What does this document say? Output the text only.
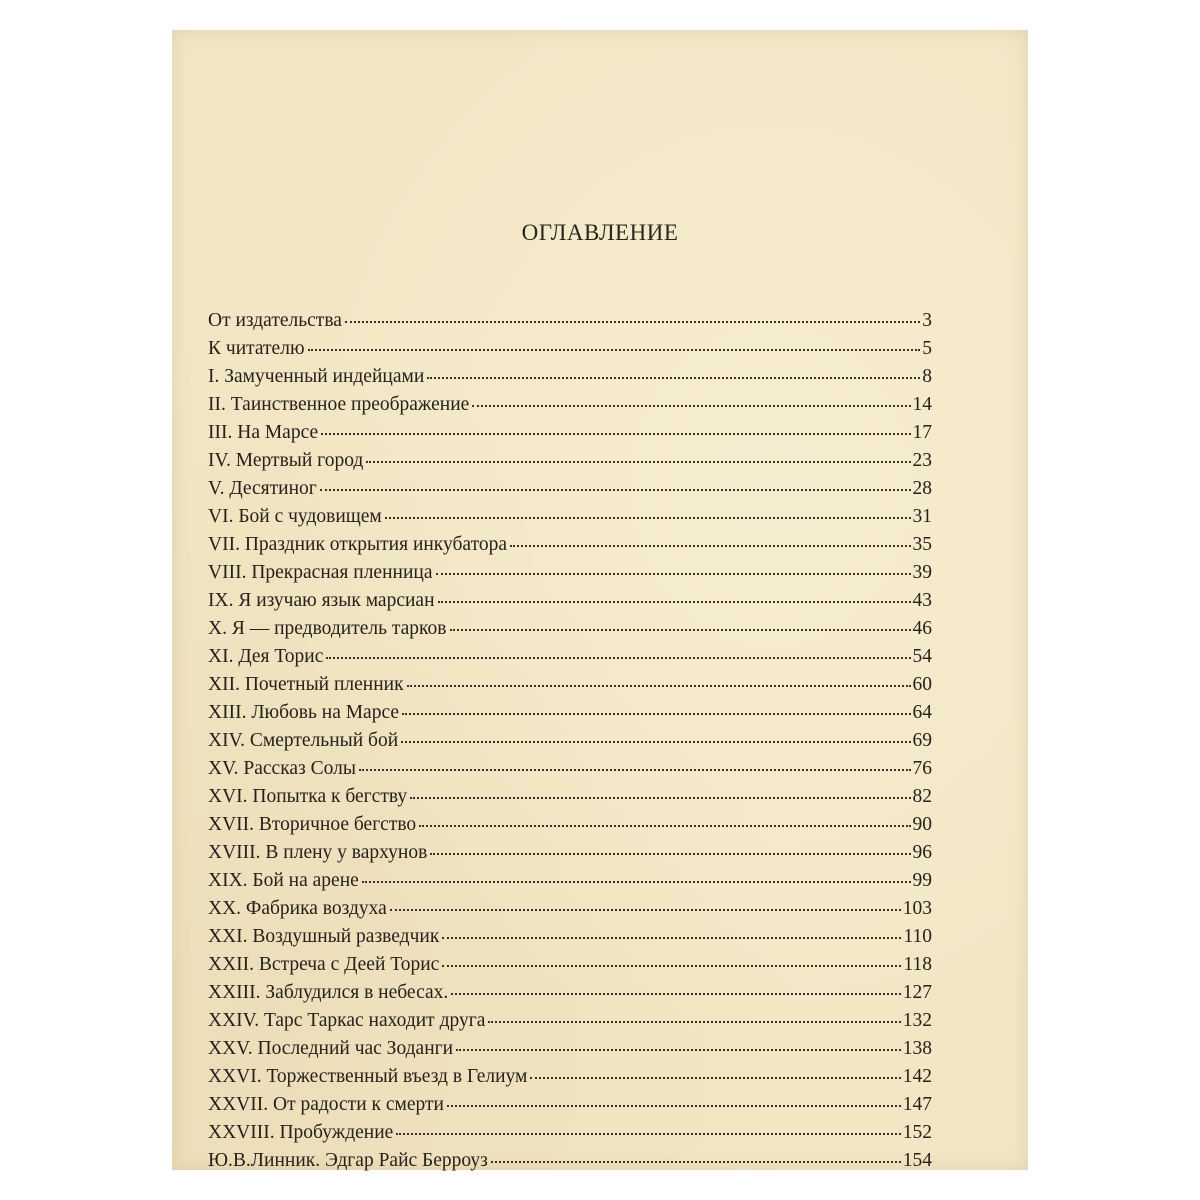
ОГЛАВЛЕНИЕ
От издательства	3
К читателю	5
I. Замученный индейцами	8
II. Таинственное преображение	14
III. На Марсе	17
IV. Мертвый город	23
V. Десятиног	28
VI. Бой с чудовищем	31
VII. Праздник открытия инкубатора	35
VIII. Прекрасная пленница	39
IX. Я изучаю язык марсиан	43
X. Я — предводитель тарков	46
XI. Дея Торис	54
XII. Почетный пленник	60
XIII. Любовь на Марсе	64
XIV. Смертельный бой	69
XV. Рассказ Солы	76
XVI. Попытка к бегству	82
XVII. Вторичное бегство	90
XVIII. В плену у вархунов	96
XIX. Бой на арене	99
XX. Фабрика воздуха	103
XXI. Воздушный разведчик	110
XXII. Встреча с Деей Торис	118
XXIII. Заблудился в небесах.	127
XXIV. Тарс Таркас находит друга	132
XXV. Последний час Зоданги	138
XXVI. Торжественный въезд в Гелиум	142
XXVII. От радости к смерти	147
XXVIII. Пробуждение	152
Ю.В.Линник. Эдгар Райс Берроуз	154
